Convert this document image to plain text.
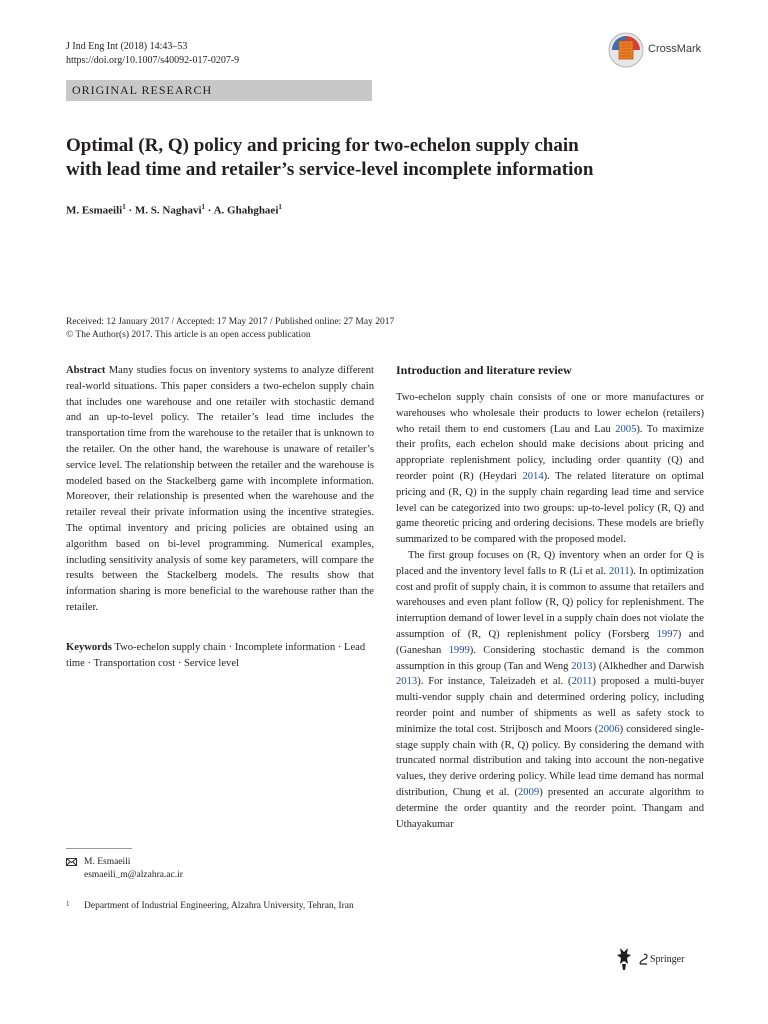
J Ind Eng Int (2018) 14:43–53
https://doi.org/10.1007/s40092-017-0207-9
CrossMark
ORIGINAL RESEARCH
Optimal (R, Q) policy and pricing for two-echelon supply chain
with lead time and retailer’s service-level incomplete information
M. Esmaeili$^1$ · M. S. Naghavi$^1$ · A. Ghahghaei$^1$
Received: 12 January 2017 / Accepted: 17 May 2017 / Published online: 27 May 2017
© The Author(s) 2017. This article is an open access publication

Abstract Many studies focus on inventory systems to analyze different real-world situations. This paper considers a two-echelon supply chain that includes one warehouse and one retailer with stochastic demand and an up-to-level policy. The retailer’s lead time includes the transportation time from the warehouse to the retailer that is unknown to the retailer. On the other hand, the warehouse is unaware of retailer’s service level. The relationship between the retailer and the warehouse is modeled based on the Stackelberg game with incomplete information. Moreover, their relationship is presented when the warehouse and the retailer reveal their private information using the incentive strategies. The optimal inventory and pricing policies are obtained using an algorithm based on bi-level programming. Numerical examples, including sensitivity analysis of some key parameters, will compare the results between the Stackelberg models. The results show that information sharing is more beneficial to the warehouse rather than the retailer.

Keywords Two-echelon supply chain · Incomplete information · Lead time · Transportation cost · Service level

M. Esmaeili
esmaeili_m@alzahra.ac.ir
1	Department of Industrial Engineering, Alzahra University, Tehran, Iran
Introduction and literature review

Two-echelon supply chain consists of one or more manufactures or warehouses who wholesale their products to lower echelon (retailers) who retail them to end customers (Lau and Lau 2005). To maximize their profits, each echelon should make decisions about pricing and appropriate replenishment policy, including order quantity (Q) and reorder point (R) (Heydari 2014). The related literature on optimal pricing and (R, Q) in the supply chain regarding lead time and service level can be categorized into two groups: up-to-level policy (R, Q) and game theoretic pricing and ordering decisions. These models are briefly summarized to be compared with the proposed model.

The first group focuses on (R, Q) inventory when an order for Q is placed and the inventory level falls to R (Li et al. 2011). In optimization cost and profit of supply chain, it is common to assume that retailers and warehouses and even plant follow (R, Q) policy for replenishment. The interruption demand of lower level in a supply chain does not violate the assumption of (R, Q) replenishment policy (Forsberg 1997) and (Ganeshan 1999). Considering stochastic demand is the common assumption in this group (Tan and Weng 2013) (Alkhedher and Darwish 2013). For instance, Taleizadeh et al. (2011) proposed a multi-buyer multi-vendor supply chain and determined ordering policy, including reorder point and number of shipments as well as safety stock to minimize the total cost. Strijbosch and Moors (2006) considered single-stage supply chain with (R, Q) policy. By considering the demand with truncated normal distribution and taking into account the non-negative values, they derive ordering policy. While lead time demand has normal distribution, Chung et al. (2009) presented an accurate algorithm to determine the order quantity and the reorder point. Thangam and Uthayakumar

Springer
